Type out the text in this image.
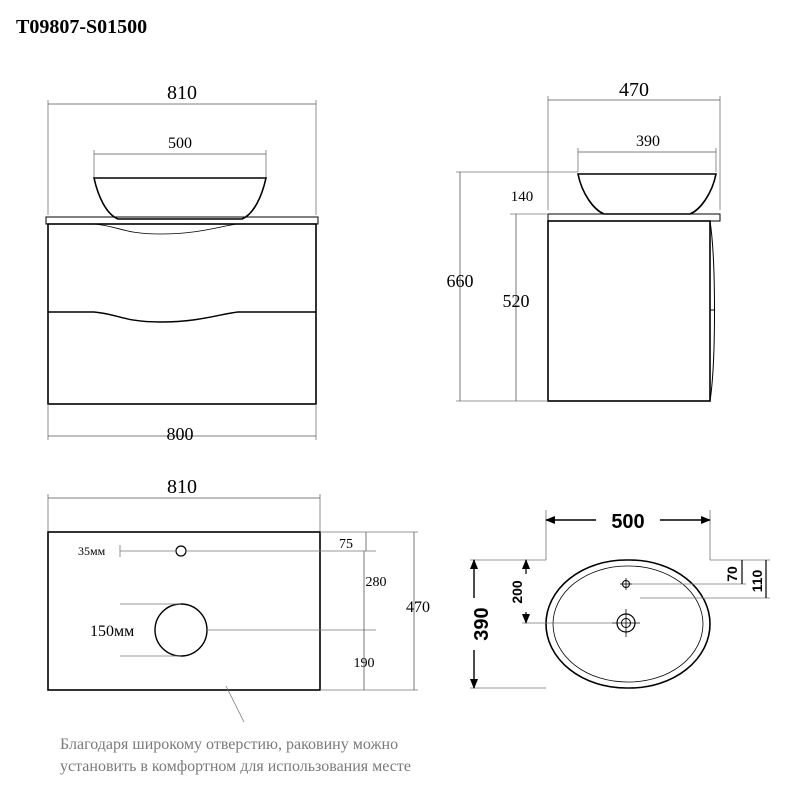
T09807-S01500
810
500
800
470
390
140
660
520
810
35мм
150мм
75
280
190
470
500
390
200
70 110
Благодаря широкому отверстию, раковину можно
установить в комфортном для использования месте
